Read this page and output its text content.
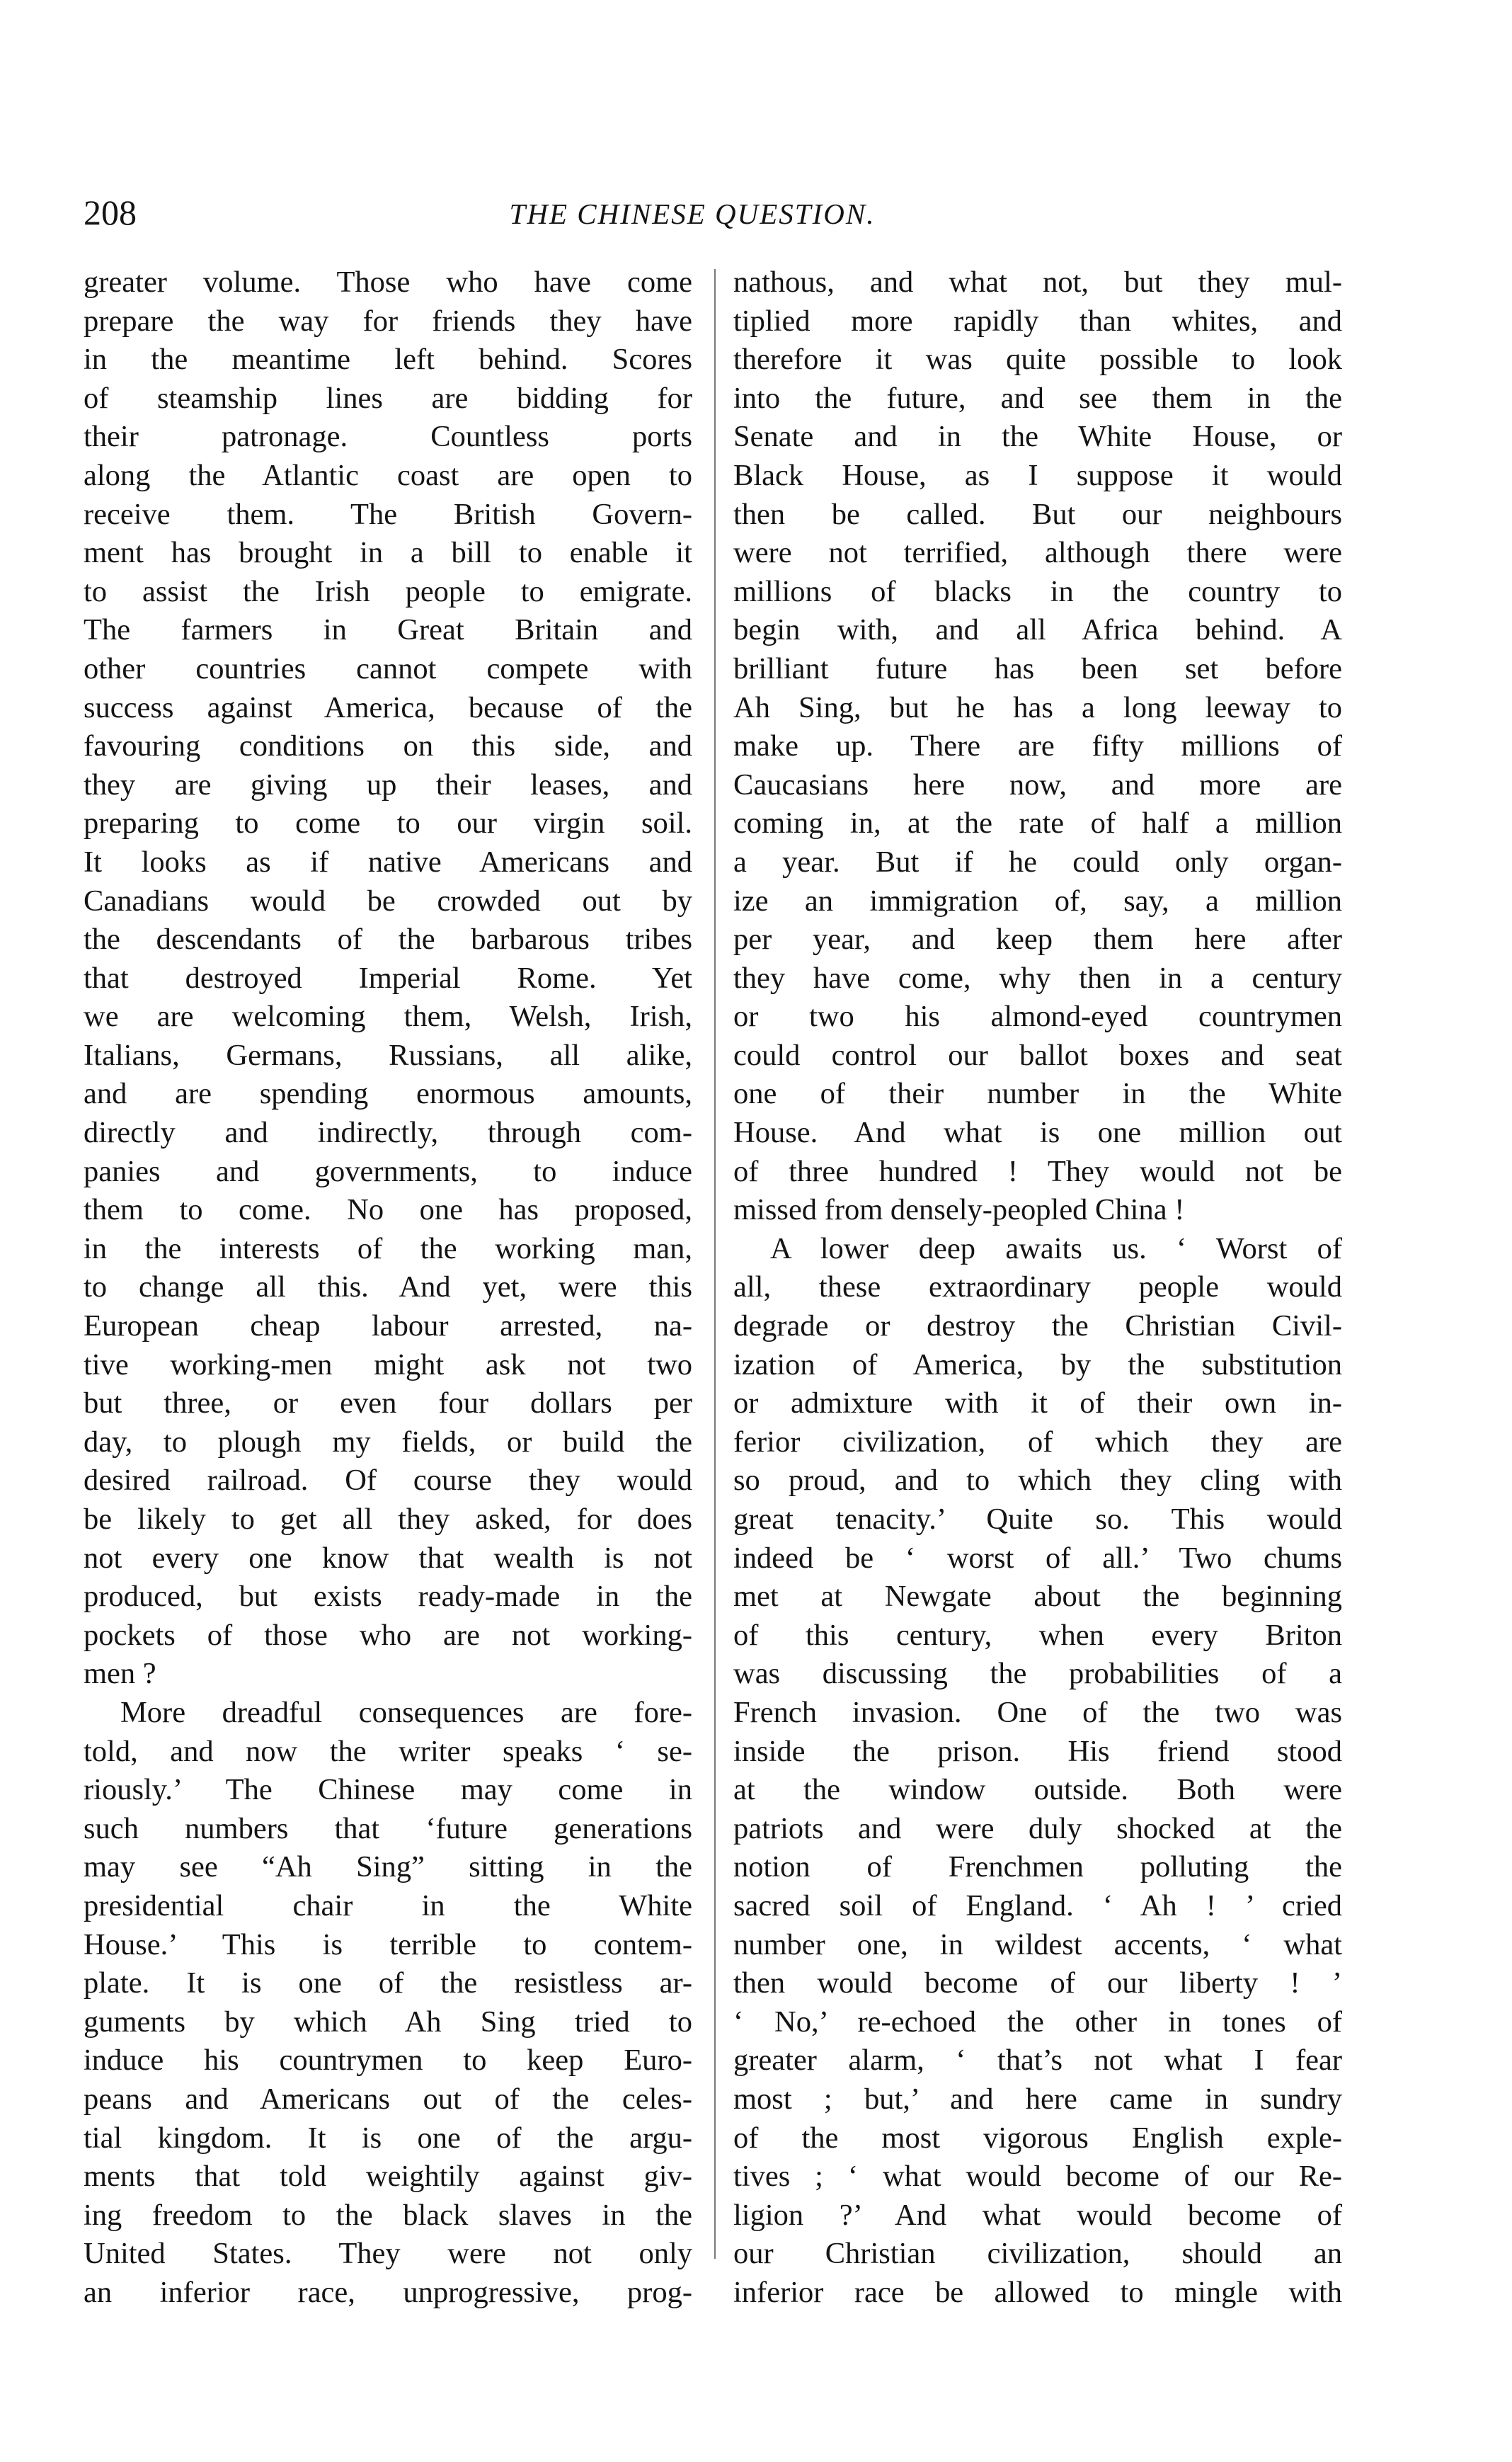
208	THE CHINESE QUESTION.
greater volume. Those who have come
prepare the way for friends they have
in the meantime left behind. Scores
of steamship lines are bidding for
their patronage. Countless ports
along the Atlantic coast are open to
receive them. The British Govern-
ment has brought in a bill to enable it
to assist the Irish people to emigrate.
The farmers in Great Britain and
other countries cannot compete with
success against America, because of the
favouring conditions on this side, and
they are giving up their leases, and
preparing to come to our virgin soil.
It looks as if native Americans and
Canadians would be crowded out by
the descendants of the barbarous tribes
that destroyed Imperial Rome. Yet
we are welcoming them, Welsh, Irish,
Italians, Germans, Russians, all alike,
and are spending enormous amounts,
directly and indirectly, through com-
panies and governments, to induce
them to come. No one has proposed,
in the interests of the working man,
to change all this. And yet, were this
European cheap labour arrested, na-
tive working-men might ask not two
but three, or even four dollars per
day, to plough my fields, or build the
desired railroad. Of course they would
be likely to get all they asked, for does
not every one know that wealth is not
produced, but exists ready-made in the
pockets of those who are not working-
men ?
More dreadful consequences are fore-
told, and now the writer speaks ‘ se-
riously.’ The Chinese may come in
such numbers that ‘future generations
may see “Ah Sing” sitting in the
presidential chair in the White
House.’ This is terrible to contem-
plate. It is one of the resistless ar-
guments by which Ah Sing tried to
induce his countrymen to keep Euro-
peans and Americans out of the celes-
tial kingdom. It is one of the argu-
ments that told weightily against giv-
ing freedom to the black slaves in the
United States. They were not only
an inferior race, unprogressive, prog-
nathous, and what not, but they mul-
tiplied more rapidly than whites, and
therefore it was quite possible to look
into the future, and see them in the
Senate and in the White House, or
Black House, as I suppose it would
then be called. But our neighbours
were not terrified, although there were
millions of blacks in the country to
begin with, and all Africa behind. A
brilliant future has been set before
Ah Sing, but he has a long leeway to
make up. There are fifty millions of
Caucasians here now, and more are
coming in, at the rate of half a million
a year. But if he could only organ-
ize an immigration of, say, a million
per year, and keep them here after
they have come, why then in a century
or two his almond-eyed countrymen
could control our ballot boxes and seat
one of their number in the White
House. And what is one million out
of three hundred ! They would not be
missed from densely-peopled China !
A lower deep awaits us. ‘ Worst of
all, these extraordinary people would
degrade or destroy the Christian Civil-
ization of America, by the substitution
or admixture with it of their own in-
ferior civilization, of which they are
so proud, and to which they cling with
great tenacity.’ Quite so. This would
indeed be ‘ worst of all.’ Two chums
met at Newgate about the beginning
of this century, when every Briton
was discussing the probabilities of a
French invasion. One of the two was
inside the prison. His friend stood
at the window outside. Both were
patriots and were duly shocked at the
notion of Frenchmen polluting the
sacred soil of England. ‘ Ah ! ’ cried
number one, in wildest accents, ‘ what
then would become of our liberty ! ’
‘ No,’ re-echoed the other in tones of
greater alarm, ‘ that’s not what I fear
most ; but,’ and here came in sundry
of the most vigorous English exple-
tives ; ‘ what would become of our Re-
ligion ?’ And what would become of
our Christian civilization, should an
inferior race be allowed to mingle with
